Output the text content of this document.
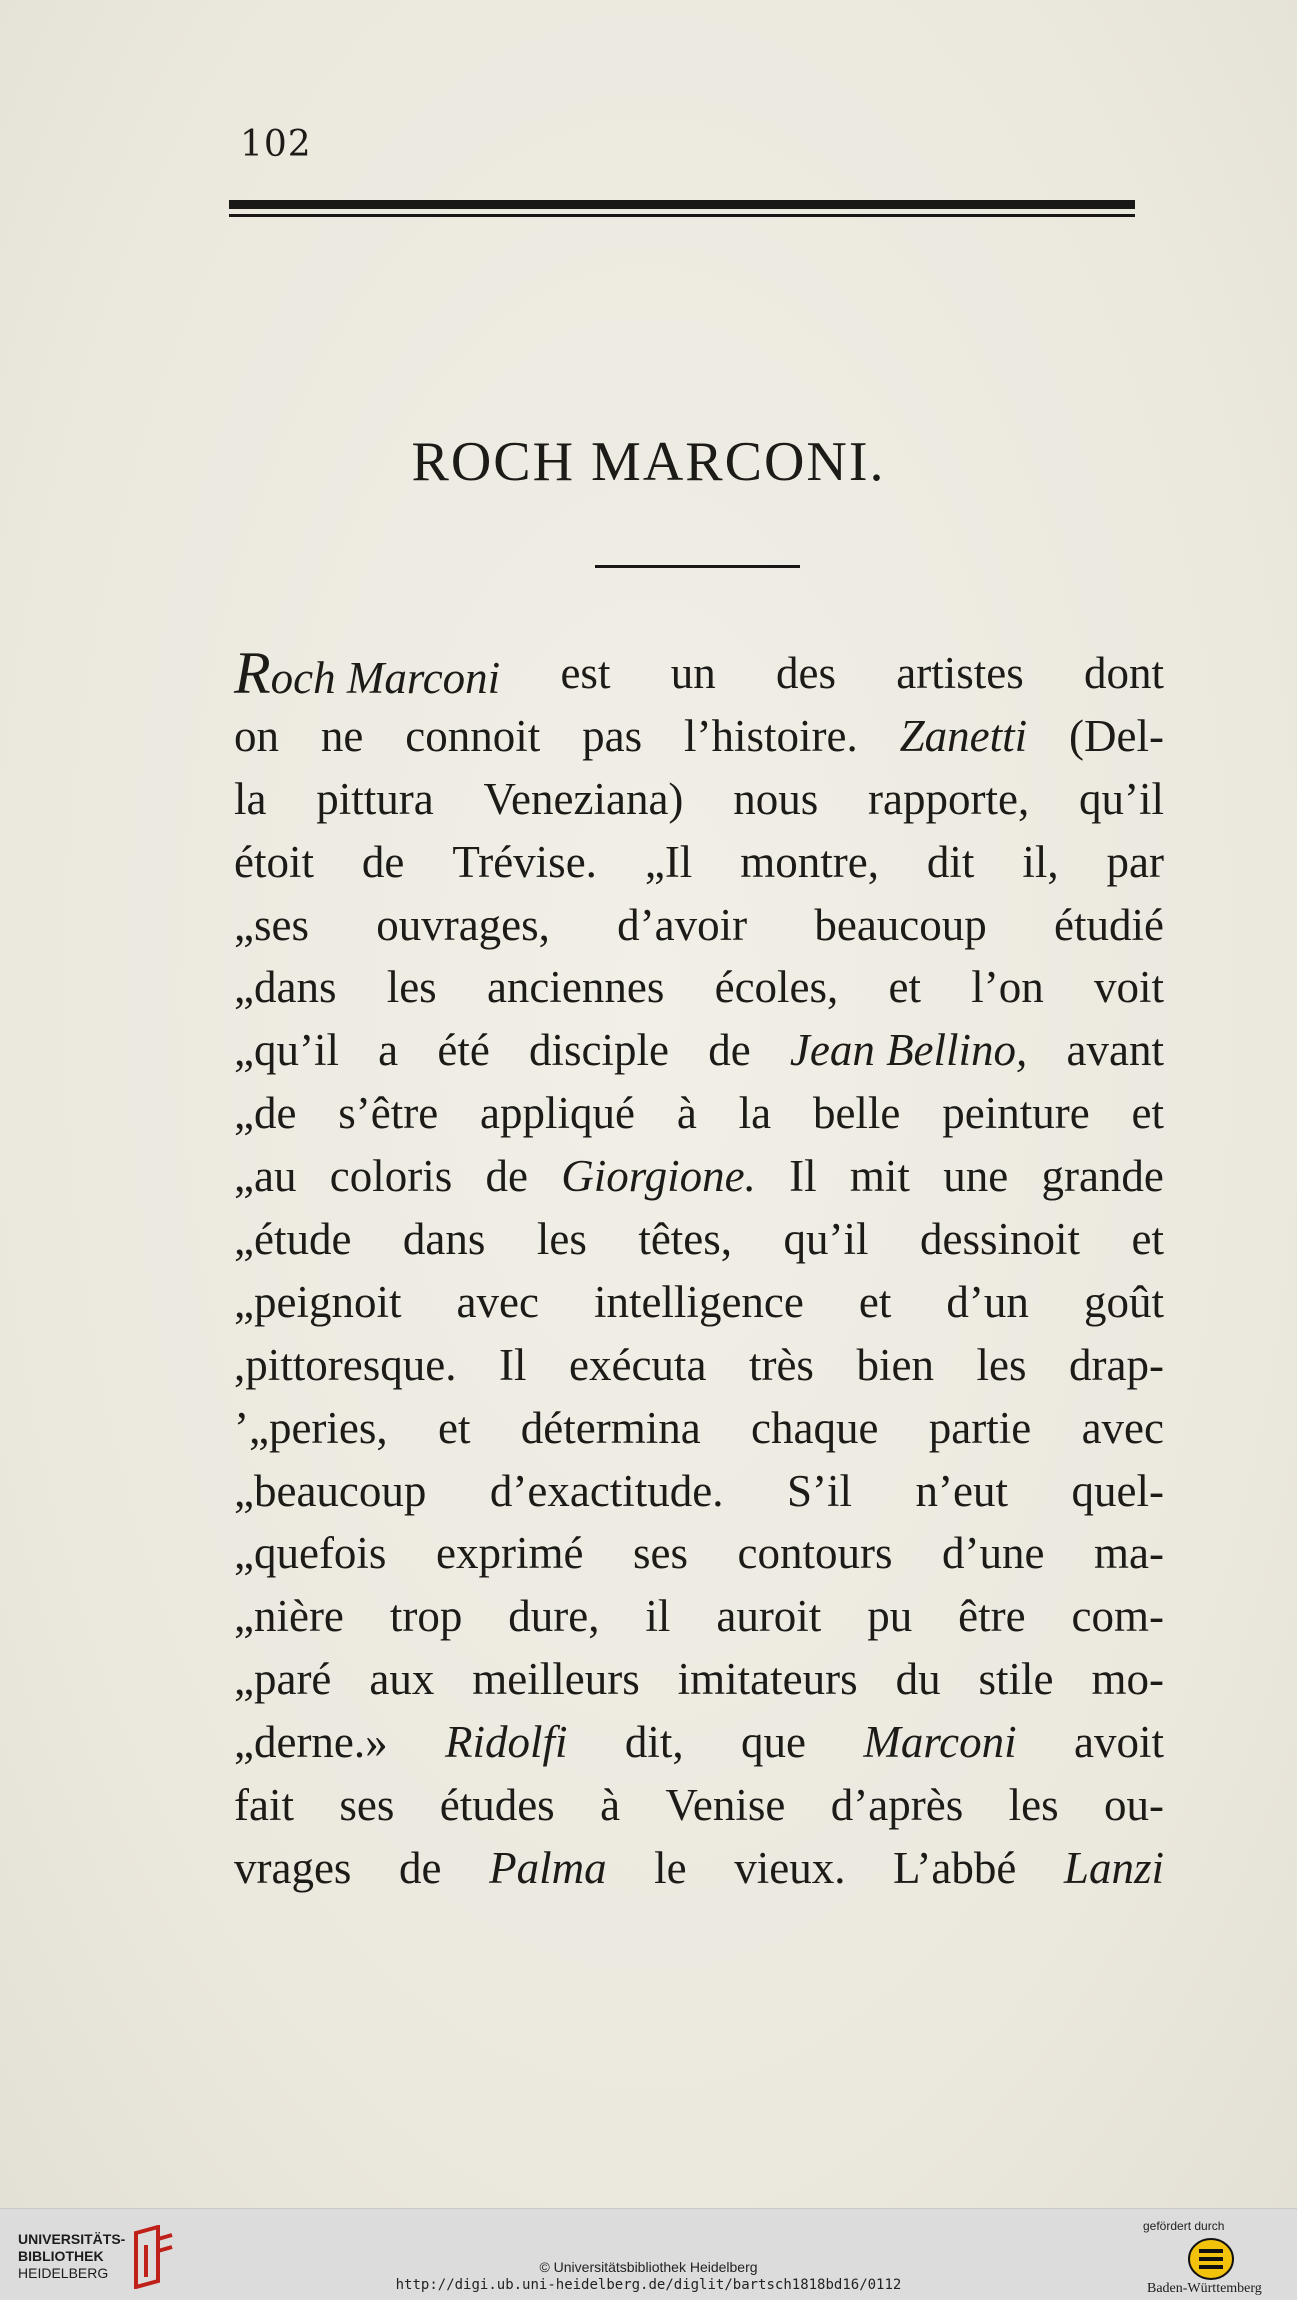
102
ROCH MARCONI.
Roch Marconi est un des artistes dont
on ne connoit pas l’histoire. Zanetti (Del-
la pittura Veneziana) nous rapporte, qu’il
étoit de Trévise. „Il montre, dit il, par
„ses ouvrages, d’avoir beaucoup étudié
„dans les anciennes écoles, et l’on voit
„qu’il a été disciple de Jean Bellino, avant
„de s’être appliqué à la belle peinture et
„au coloris de Giorgione. Il mit une grande
„étude dans les têtes, qu’il dessinoit et
„peignoit avec intelligence et d’un goût
,pittoresque. Il exécuta très bien les drap-
’„peries, et détermina chaque partie avec
„beaucoup d’exactitude. S’il n’eut quel-
„quefois exprimé ses contours d’une ma-
„nière trop dure, il auroit pu être com-
„paré aux meilleurs imitateurs du stile mo-
„derne.» Ridolfi dit, que Marconi avoit
fait ses études à Venise d’après les ou-
vrages de Palma le vieux. L’abbé Lanzi
UNIVERSITÄTS-
BIBLIOTHEK
HEIDELBERG	© Universitätsbibliothek Heidelberg
http://digi.ub.uni-heidelberg.de/diglit/bartsch1818bd16/0112
gefördert durch
Baden-Württemberg
